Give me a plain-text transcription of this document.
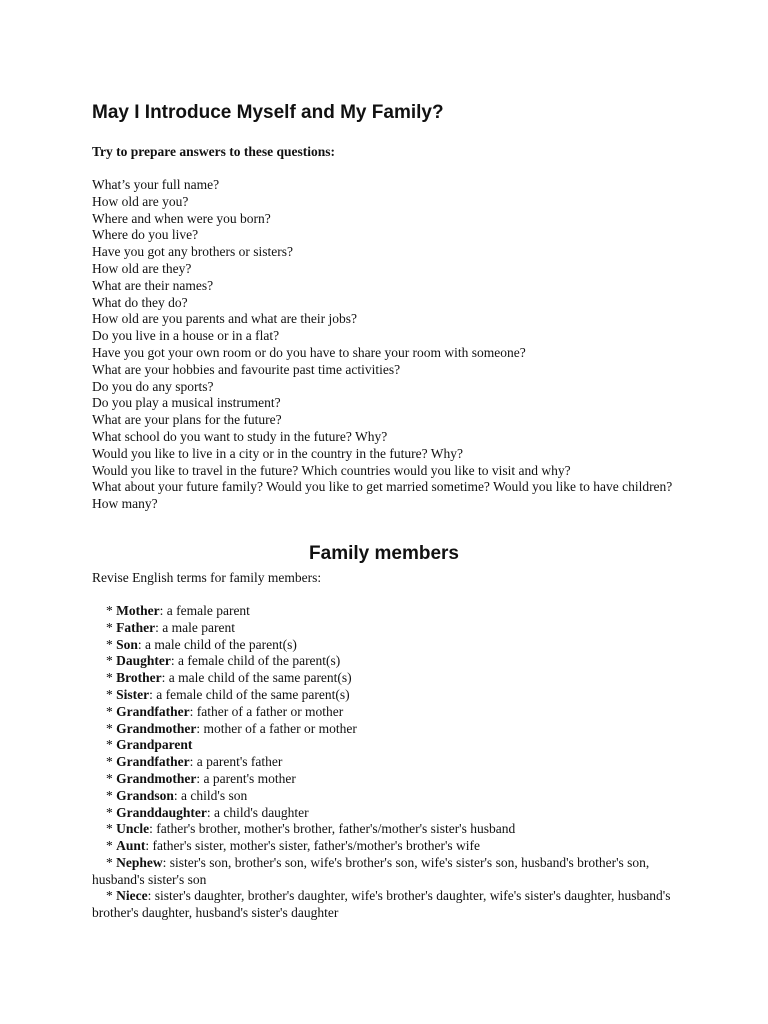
May I Introduce Myself and My Family?

Try to prepare answers to these questions:

What’s your full name?
How old are you?
Where and when were you born?
Where do you live?
Have you got any brothers or sisters?
How old are they?
What are their names?
What do they do?
How old are you parents and what are their jobs?
Do you live in a house or in a flat?
Have you got your own room or do you have to share your room with someone?
What are your hobbies and favourite past time activities?
Do you do any sports?
Do you play a musical instrument?
What are your plans for the future?
What school do you want to study in the future? Why?
Would you like to live in a city or in the country in the future? Why?
Would you like to travel in the future? Which countries would you like to visit and why?
What about your future family? Would you like to get married sometime? Would you like to have children? How many?
Family members

Revise English terms for family members:

* Mother: a female parent
* Father: a male parent
* Son: a male child of the parent(s)
* Daughter: a female child of the parent(s)
* Brother: a male child of the same parent(s)
* Sister: a female child of the same parent(s)
* Grandfather: father of a father or mother
* Grandmother: mother of a father or mother
* Grandparent
* Grandfather: a parent's father
* Grandmother: a parent's mother
* Grandson: a child's son
* Granddaughter: a child's daughter
* Uncle: father's brother, mother's brother, father's/mother's sister's husband
* Aunt: father's sister, mother's sister, father's/mother's brother's wife
* Nephew: sister's son, brother's son, wife's brother's son, wife's sister's son, husband's brother's son, husband's sister's son
* Niece: sister's daughter, brother's daughter, wife's brother's daughter, wife's sister's daughter, husband's brother's daughter, husband's sister's daughter
